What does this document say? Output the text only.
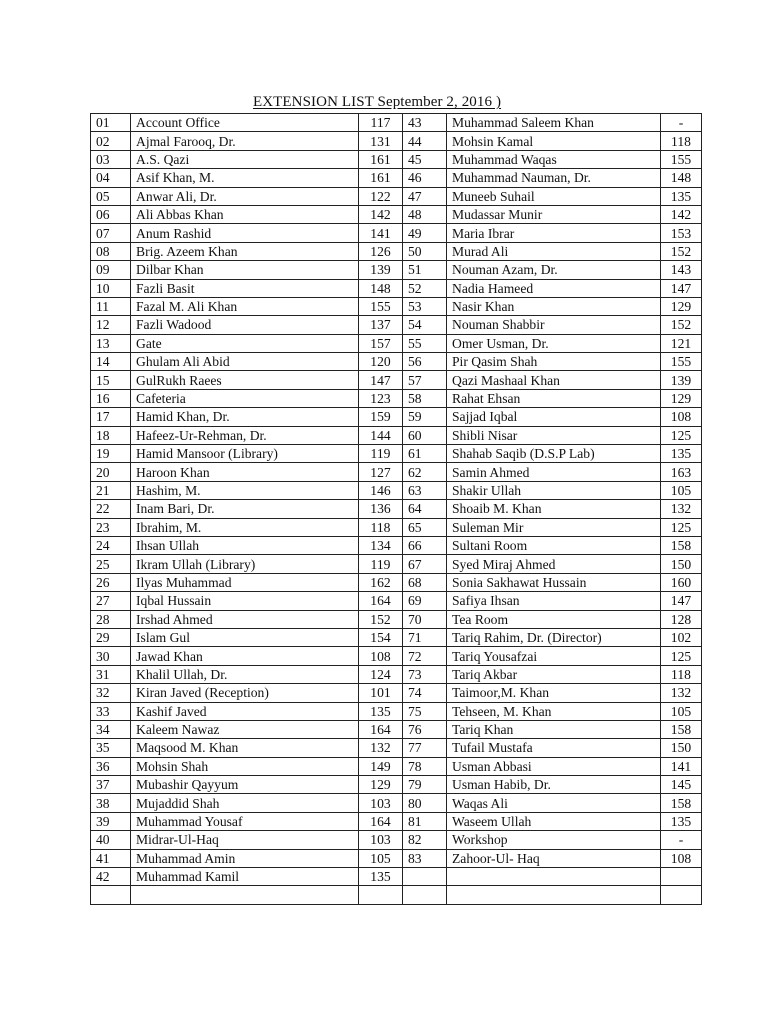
EXTENSION LIST September 2, 2016 )
01	Account Office	117	43	Muhammad Saleem Khan	-
02	Ajmal Farooq, Dr.	131	44	Mohsin Kamal	118
03	A.S. Qazi	161	45	Muhammad Waqas	155
04	Asif Khan, M.	161	46	Muhammad Nauman, Dr.	148
05	Anwar Ali, Dr.	122	47	Muneeb Suhail	135
06	Ali Abbas Khan	142	48	Mudassar Munir	142
07	Anum Rashid	141	49	Maria Ibrar	153
08	Brig. Azeem Khan	126	50	Murad Ali	152
09	Dilbar Khan	139	51	Nouman Azam, Dr.	143
10	Fazli Basit	148	52	Nadia Hameed	147
11	Fazal M. Ali Khan	155	53	Nasir Khan	129
12	Fazli Wadood	137	54	Nouman Shabbir	152
13	Gate	157	55	Omer Usman, Dr.	121
14	Ghulam Ali Abid	120	56	Pir Qasim Shah	155
15	GulRukh Raees	147	57	Qazi Mashaal Khan	139
16	Cafeteria	123	58	Rahat Ehsan	129
17	Hamid Khan, Dr.	159	59	Sajjad Iqbal	108
18	Hafeez-Ur-Rehman, Dr.	144	60	Shibli Nisar	125
19	Hamid Mansoor (Library)	119	61	Shahab Saqib (D.S.P Lab)	135
20	Haroon Khan	127	62	Samin Ahmed	163
21	Hashim, M.	146	63	Shakir Ullah	105
22	Inam Bari, Dr.	136	64	Shoaib M. Khan	132
23	Ibrahim, M.	118	65	Suleman Mir	125
24	Ihsan Ullah	134	66	Sultani Room	158
25	Ikram Ullah (Library)	119	67	Syed Miraj Ahmed	150
26	Ilyas Muhammad	162	68	Sonia Sakhawat Hussain	160
27	Iqbal Hussain	164	69	Safiya Ihsan	147
28	Irshad Ahmed	152	70	Tea Room	128
29	Islam Gul	154	71	Tariq Rahim, Dr. (Director)	102
30	Jawad Khan	108	72	Tariq Yousafzai	125
31	Khalil Ullah, Dr.	124	73	Tariq Akbar	118
32	Kiran Javed (Reception)	101	74	Taimoor,M. Khan	132
33	Kashif Javed	135	75	Tehseen, M. Khan	105
34	Kaleem Nawaz	164	76	Tariq Khan	158
35	Maqsood M. Khan	132	77	Tufail Mustafa	150
36	Mohsin Shah	149	78	Usman Abbasi	141
37	Mubashir Qayyum	129	79	Usman Habib, Dr.	145
38	Mujaddid Shah	103	80	Waqas Ali	158
39	Muhammad Yousaf	164	81	Waseem Ullah	135
40	Midrar-Ul-Haq	103	82	Workshop	-
41	Muhammad Amin	105	83	Zahoor-Ul- Haq	108
42	Muhammad Kamil	135			
